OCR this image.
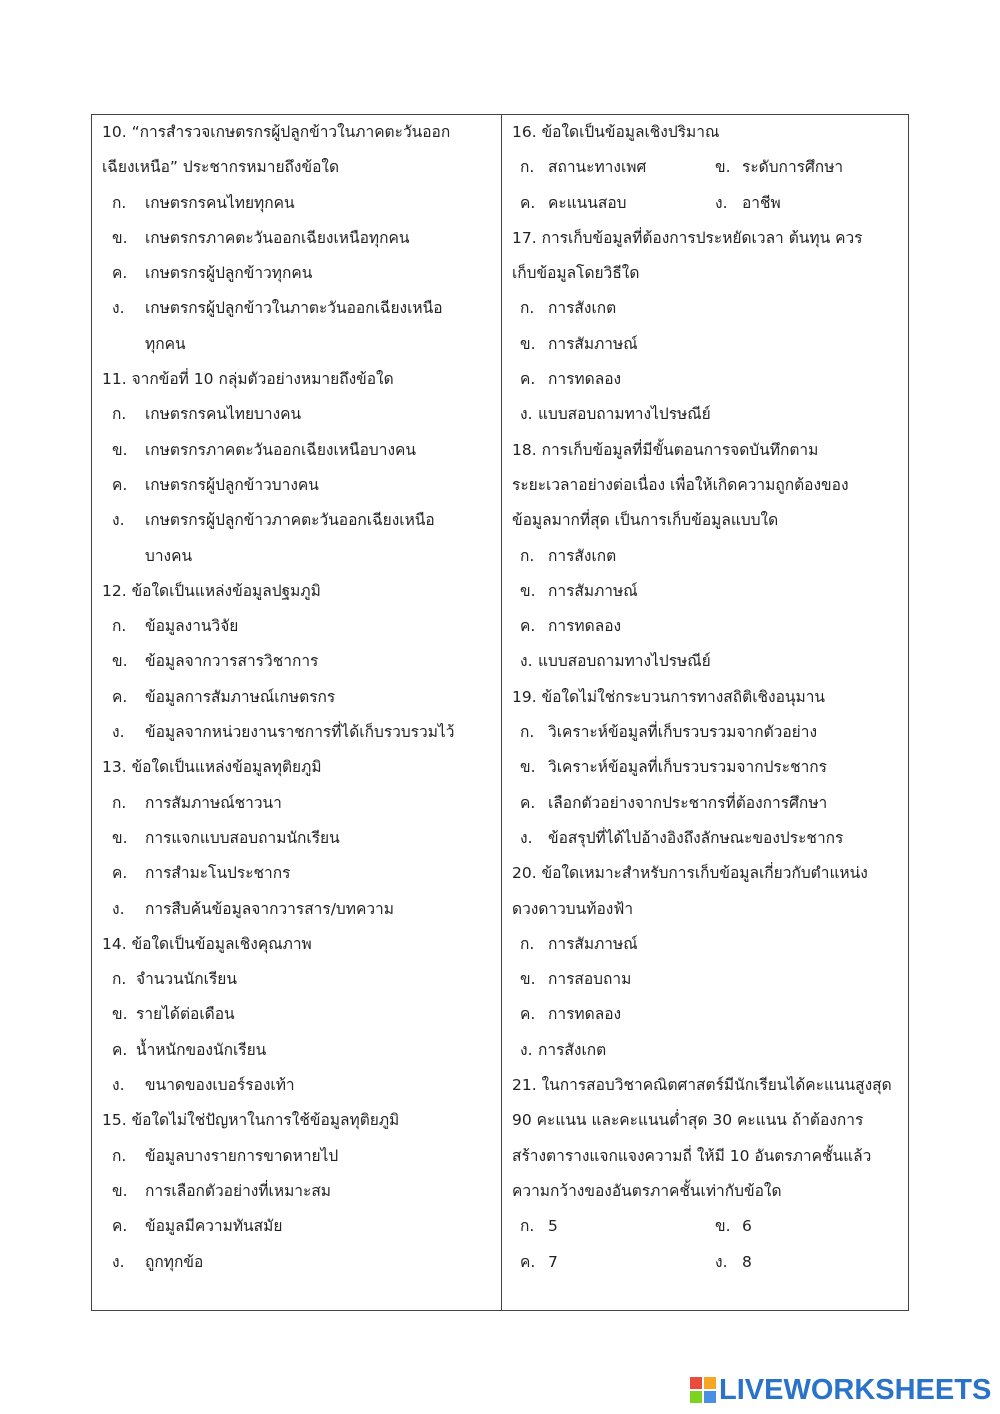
10. “การสำรวจเกษตรกรผู้ปลูกข้าวในภาคตะวันออก
เฉียงเหนือ” ประชากรหมายถึงข้อใด
ก. เกษตรกรคนไทยทุกคน
ข. เกษตรกรภาคตะวันออกเฉียงเหนือทุกคน
ค. เกษตรกรผู้ปลูกข้าวทุกคน
ง. เกษตรกรผู้ปลูกข้าวในภาตะวันออกเฉียงเหนือ
ทุกคน
11. จากข้อที่ 10 กลุ่มตัวอย่างหมายถึงข้อใด
ก. เกษตรกรคนไทยบางคน
ข. เกษตรกรภาคตะวันออกเฉียงเหนือบางคน
ค. เกษตรกรผู้ปลูกข้าวบางคน
ง. เกษตรกรผู้ปลูกข้าวภาคตะวันออกเฉียงเหนือ
บางคน
12. ข้อใดเป็นแหล่งข้อมูลปฐมภูมิ
ก. ข้อมูลงานวิจัย
ข. ข้อมูลจากวารสารวิชาการ
ค. ข้อมูลการสัมภาษณ์เกษตรกร
ง. ข้อมูลจากหน่วยงานราชการที่ได้เก็บรวบรวมไว้
13. ข้อใดเป็นแหล่งข้อมูลทุติยภูมิ
ก. การสัมภาษณ์ชาวนา
ข. การแจกแบบสอบถามนักเรียน
ค. การสำมะโนประชากร
ง. การสืบค้นข้อมูลจากวารสาร/บทความ
14. ข้อใดเป็นข้อมูลเชิงคุณภาพ
ก. จำนวนนักเรียน
ข. รายได้ต่อเดือน
ค. น้ำหนักของนักเรียน
ง. ขนาดของเบอร์รองเท้า
15. ข้อใดไม่ใช่ปัญหาในการใช้ข้อมูลทุติยภูมิ
ก. ข้อมูลบางรายการขาดหายไป
ข. การเลือกตัวอย่างที่เหมาะสม
ค. ข้อมูลมีความทันสมัย
ง. ถูกทุกข้อ
16. ข้อใดเป็นข้อมูลเชิงปริมาณ
ก. สถานะทางเพศ	ข. ระดับการศึกษา
ค. คะแนนสอบ	ง. อาชีพ
17. การเก็บข้อมูลที่ต้องการประหยัดเวลา ต้นทุน ควร
เก็บข้อมูลโดยวิธีใด
ก. การสังเกต
ข. การสัมภาษณ์
ค. การทดลอง
ง. แบบสอบถามทางไปรษณีย์
18. การเก็บข้อมูลที่มีขั้นตอนการจดบันทึกตาม
ระยะเวลาอย่างต่อเนื่อง เพื่อให้เกิดความถูกต้องของ
ข้อมูลมากที่สุด เป็นการเก็บข้อมูลแบบใด
ก. การสังเกต
ข. การสัมภาษณ์
ค. การทดลอง
ง. แบบสอบถามทางไปรษณีย์
19. ข้อใดไม่ใช่กระบวนการทางสถิติเชิงอนุมาน
ก. วิเคราะห์ข้อมูลที่เก็บรวบรวมจากตัวอย่าง
ข. วิเคราะห์ข้อมูลที่เก็บรวบรวมจากประชากร
ค. เลือกตัวอย่างจากประชากรที่ต้องการศึกษา
ง. ข้อสรุปที่ได้ไปอ้างอิงถึงลักษณะของประชากร
20. ข้อใดเหมาะสำหรับการเก็บข้อมูลเกี่ยวกับตำแหน่ง
ดวงดาวบนท้องฟ้า
ก. การสัมภาษณ์
ข. การสอบถาม
ค. การทดลอง
ง. การสังเกต
21. ในการสอบวิชาคณิตศาสตร์มีนักเรียนได้คะแนนสูงสุด
90 คะแนน และคะแนนต่ำสุด 30 คะแนน ถ้าต้องการ
สร้างตารางแจกแจงความถี่ ให้มี 10 อันตรภาคชั้นแล้ว
ความกว้างของอันตรภาคชั้นเท่ากับข้อใด
ก. 5	ข. 6
ค. 7	ง. 8
LIVEWORKSHEETS
